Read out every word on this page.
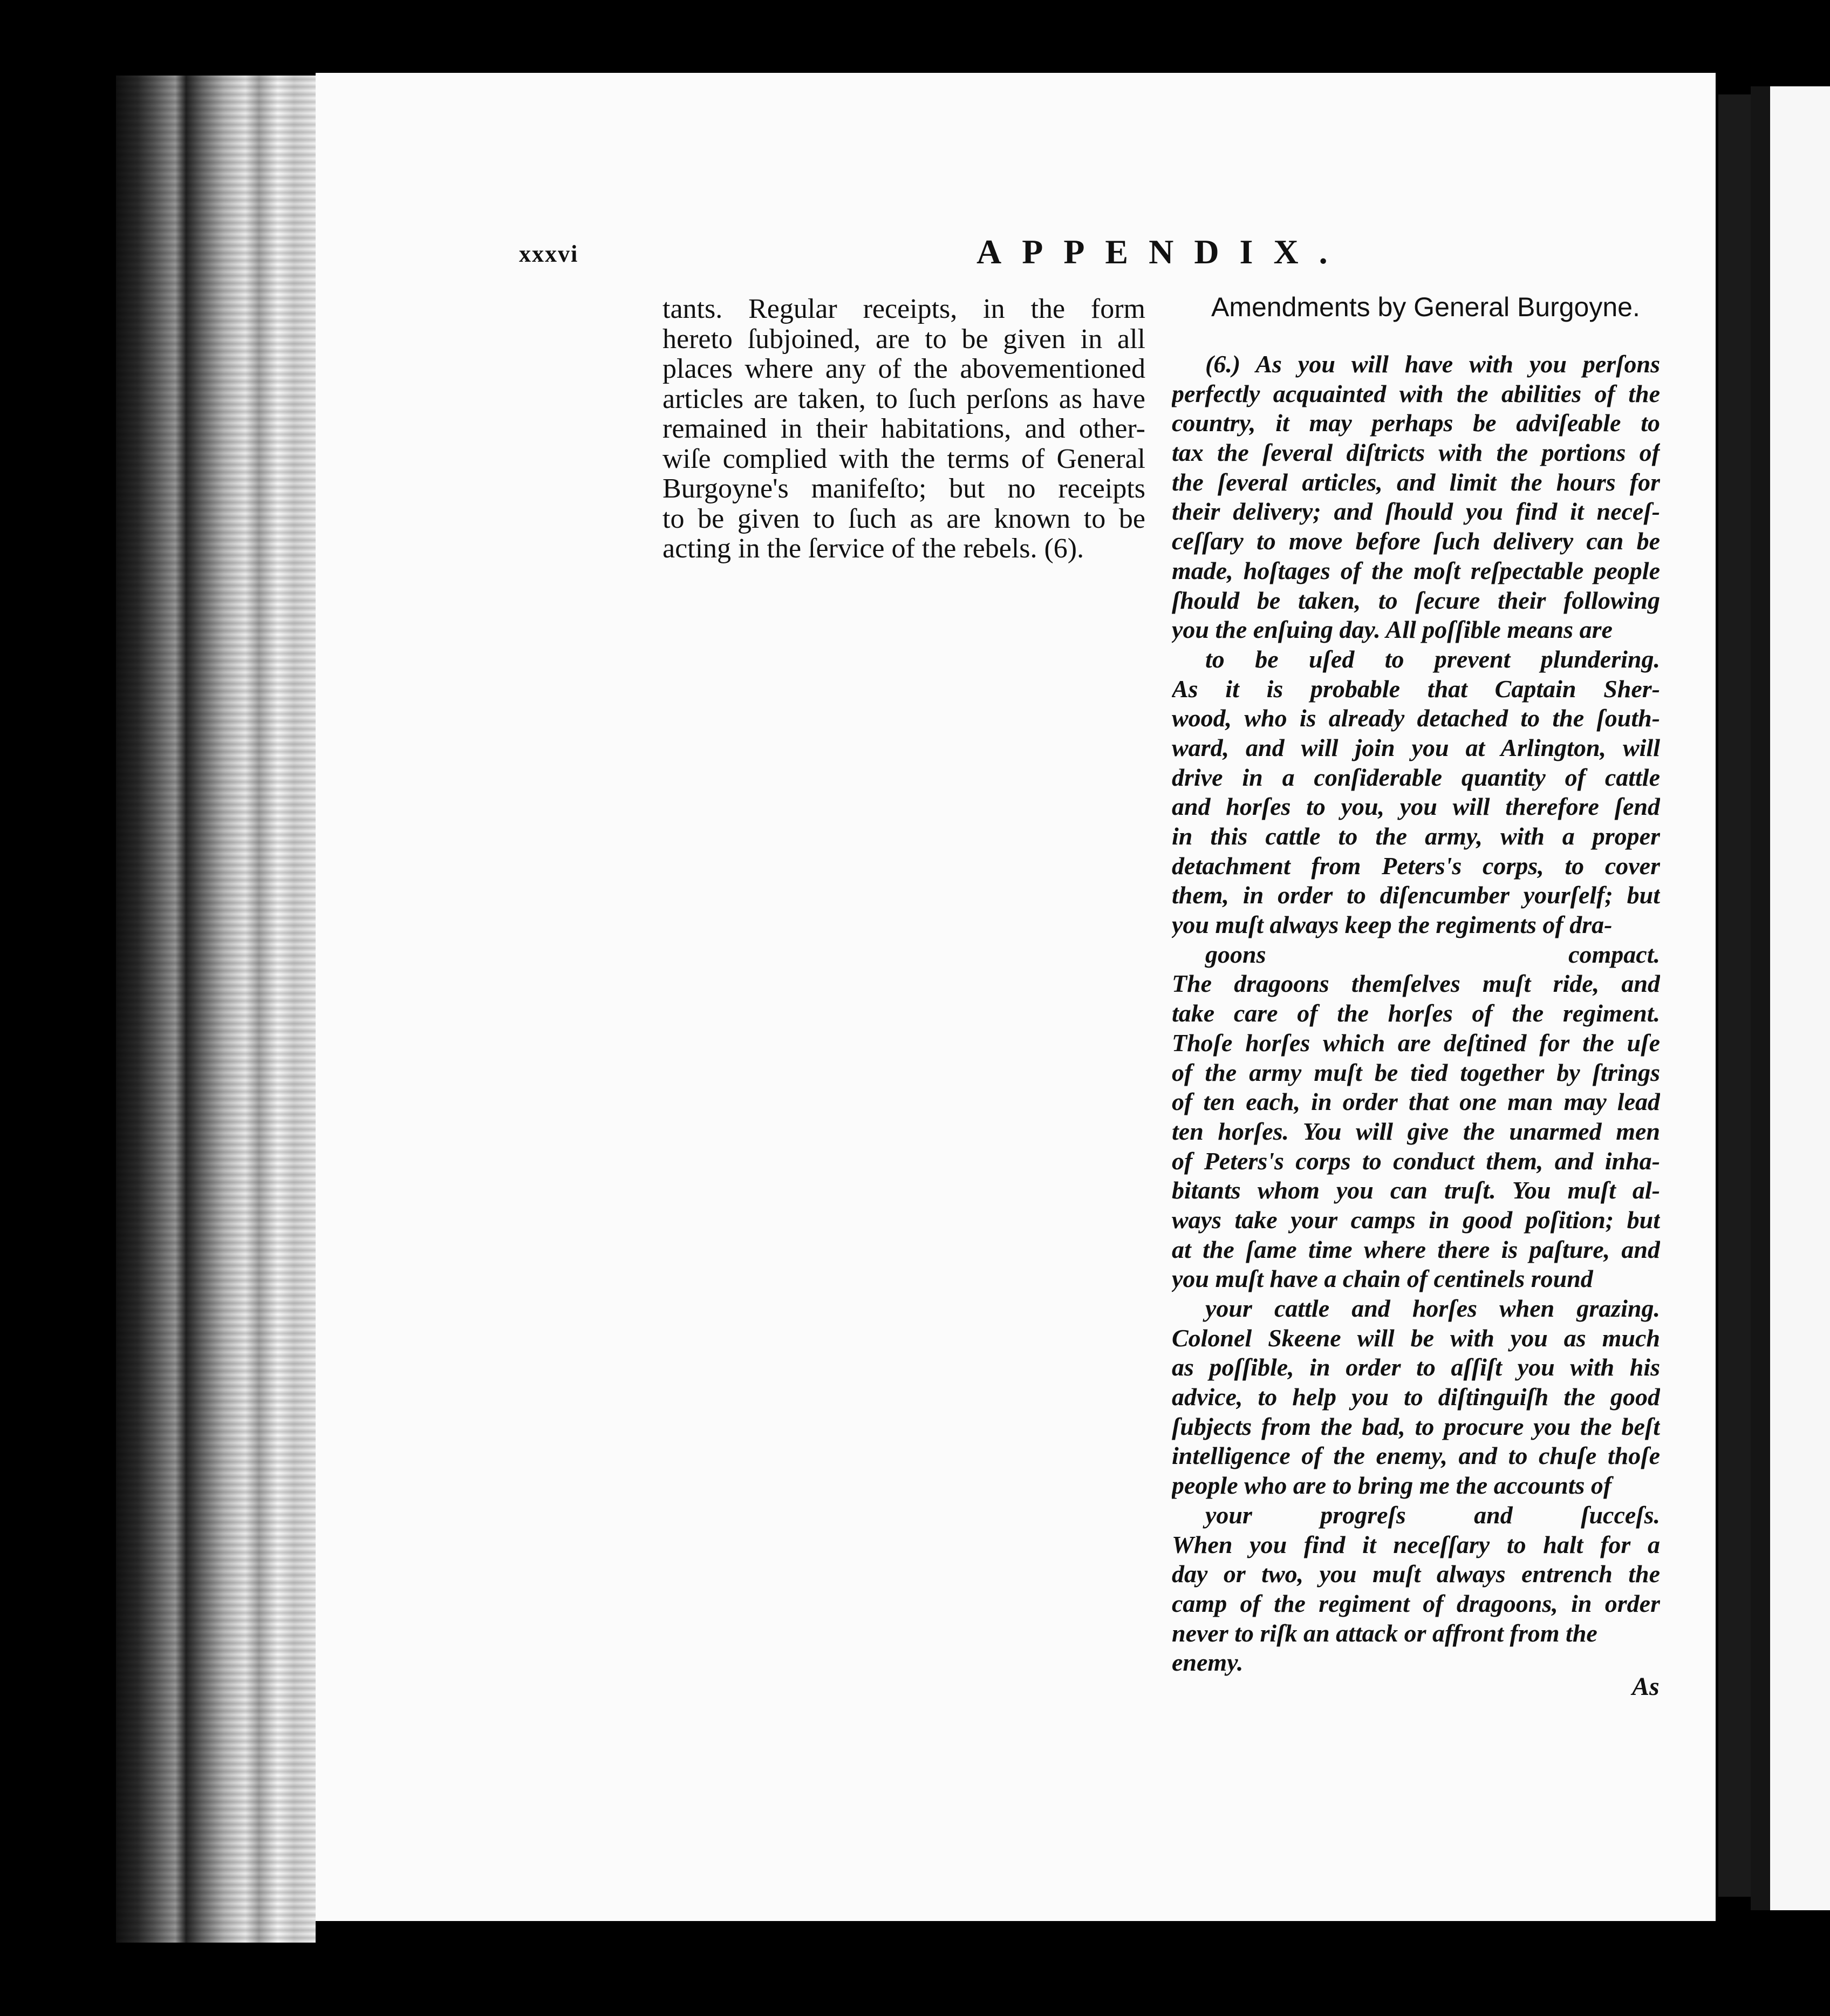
xxxvi	APPENDIX.
tants. Regular receipts, in the form
hereto ſubjoined, are to be given in all
places where any of the abovementioned
articles are taken, to ſuch perſons as have
remained in their habitations, and other-
wiſe complied with the terms of General
Burgoyne's manifeſto; but no receipts
to be given to ſuch as are known to be
acting in the ſervice of the rebels. (6).
Amendments by General Burgoyne.
(6.) As you will have with you perſons
perfectly acquainted with the abilities of the
country, it may perhaps be adviſeable to
tax the ſeveral diſtricts with the portions of
the ſeveral articles, and limit the hours for
their delivery; and ſhould you find it neceſ-
ceſſary to move before ſuch delivery can be
made, hoſtages of the moſt reſpectable people
ſhould be taken, to ſecure their following
you the enſuing day. All poſſible means are
to be uſed to prevent plundering.
As it is probable that Captain Sher-
wood, who is already detached to the ſouth-
ward, and will join you at Arlington, will
drive in a conſiderable quantity of cattle
and horſes to you, you will therefore ſend
in this cattle to the army, with a proper
detachment from Peters's corps, to cover
them, in order to diſencumber yourſelf; but
you muſt always keep the regiments of dra-
goons compact.
The dragoons themſelves muſt ride, and
take care of the horſes of the regiment.
Thoſe horſes which are deſtined for the uſe
of the army muſt be tied together by ſtrings
of ten each, in order that one man may lead
ten horſes. You will give the unarmed men
of Peters's corps to conduct them, and inha-
bitants whom you can truſt. You muſt al-
ways take your camps in good poſition; but
at the ſame time where there is paſture, and
you muſt have a chain of centinels round
your cattle and horſes when grazing.
Colonel Skeene will be with you as much
as poſſible, in order to aſſiſt you with his
advice, to help you to diſtinguiſh the good
ſubjects from the bad, to procure you the beſt
intelligence of the enemy, and to chuſe thoſe
people who are to bring me the accounts of
your progreſs and ſucceſs.
When you find it neceſſary to halt for a
day or two, you muſt always entrench the
camp of the regiment of dragoons, in order
never to riſk an attack or affront from the
enemy.
As
